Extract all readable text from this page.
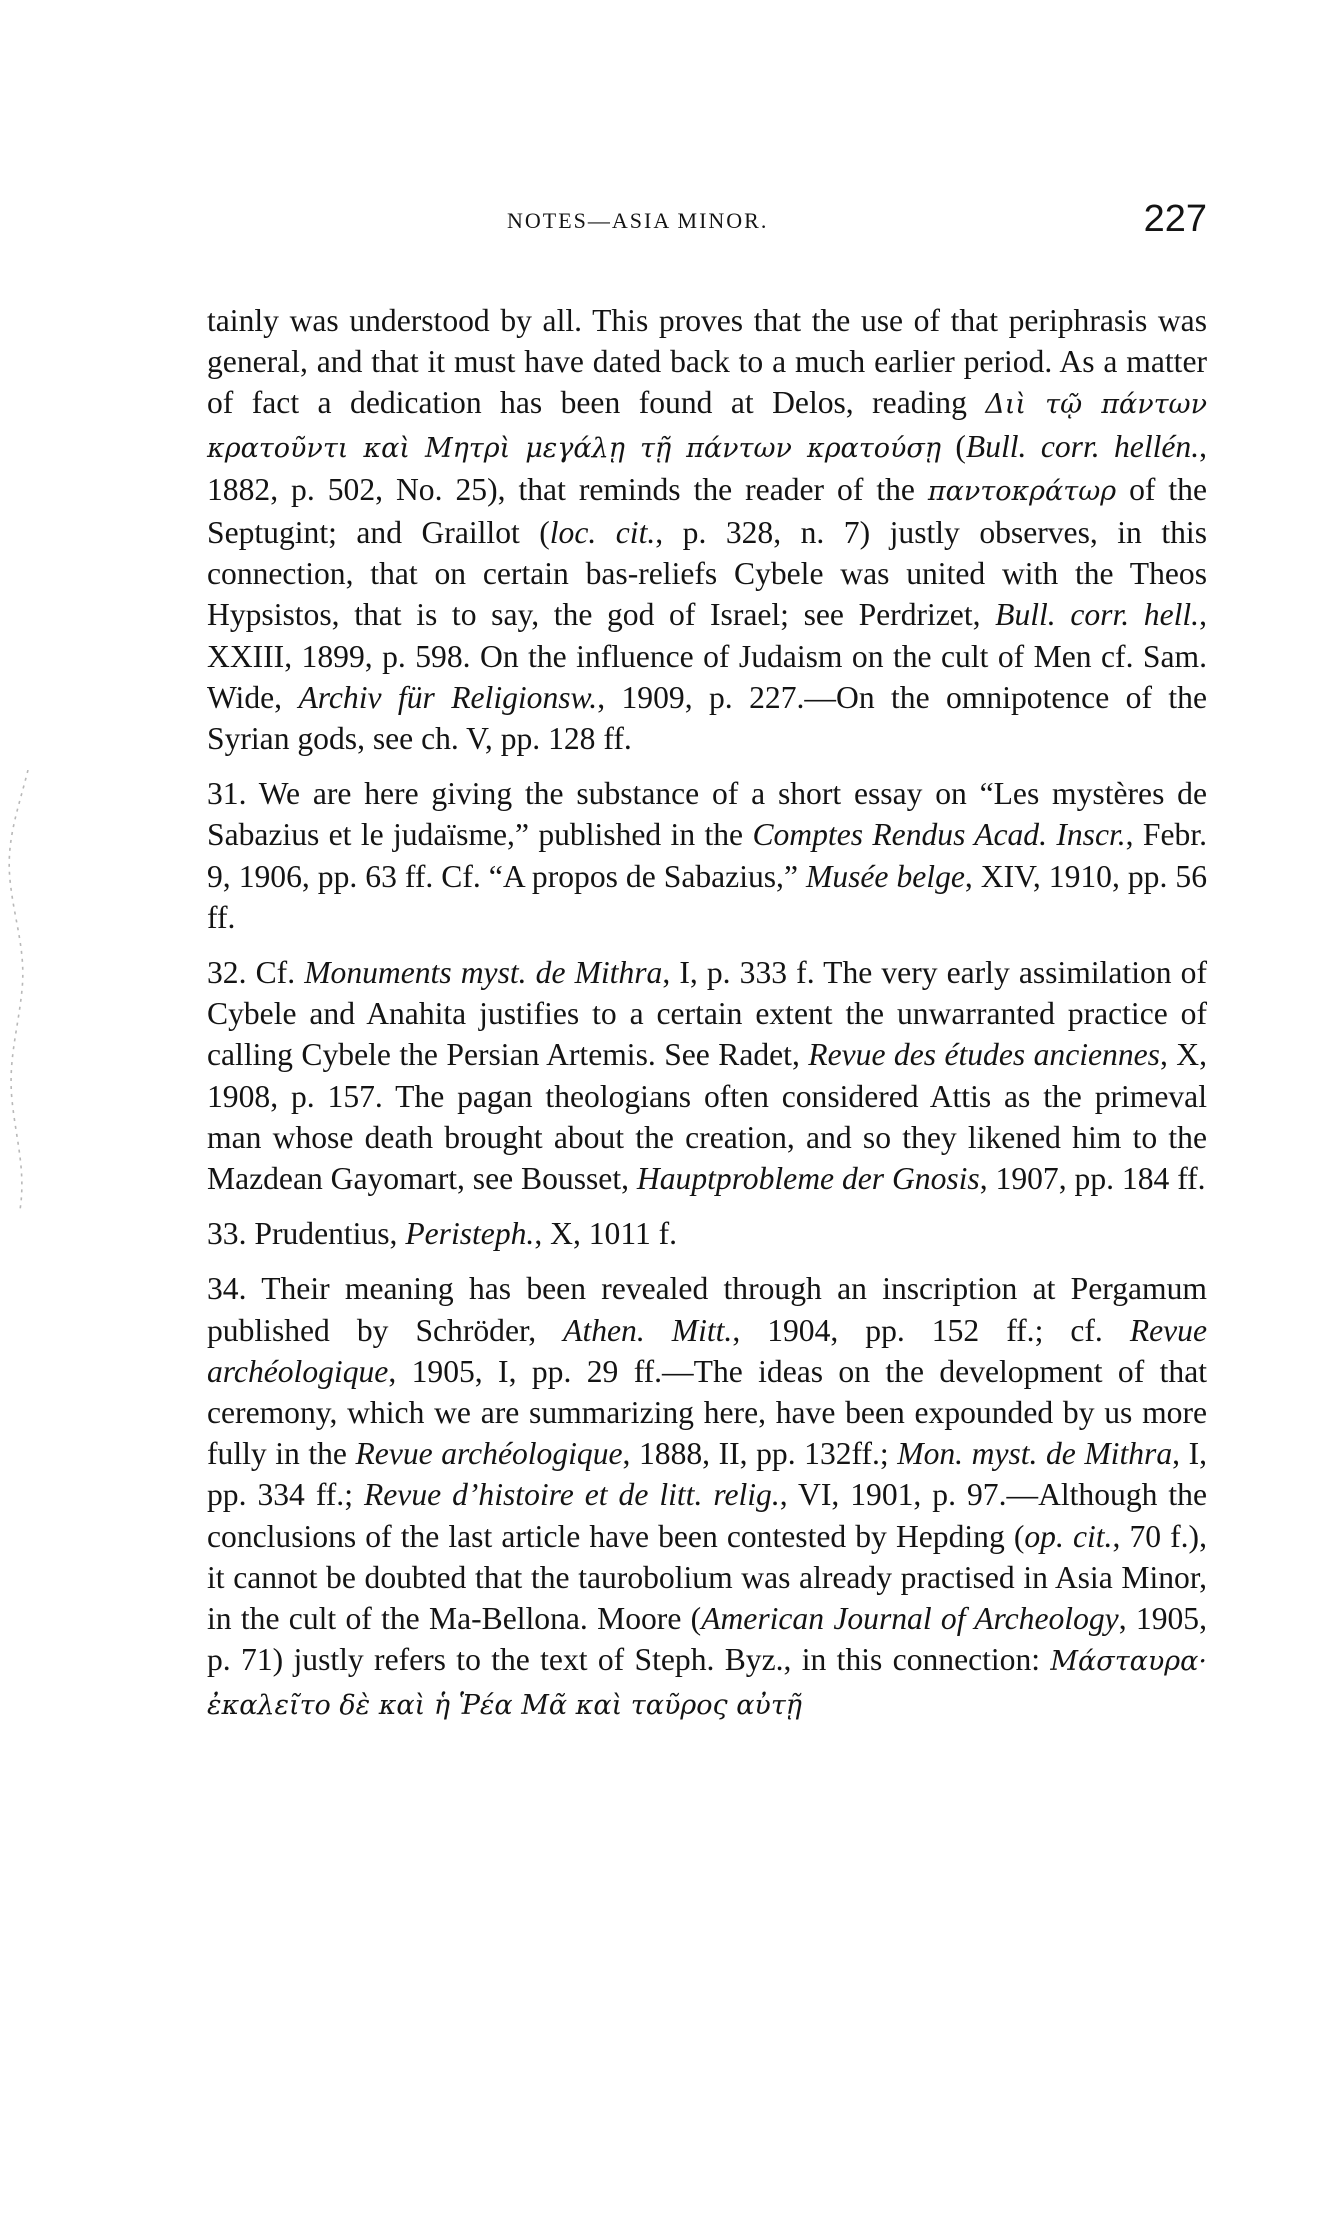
NOTES—ASIA MINOR.	227

tainly was understood by all. This proves that the use of that periphrasis was general, and that it must have dated back to a much earlier period. As a matter of fact a dedication has been found at Delos, reading Διὶ τῷ πάντων κρατοῦντι καὶ Μητρὶ μεγάλῃ τῇ πάντων κρατούσῃ (Bull. corr. hellén., 1882, p. 502, No. 25), that reminds the reader of the παντοκράτωρ of the Septugint; and Graillot (loc. cit., p. 328, n. 7) justly observes, in this connection, that on certain bas-reliefs Cybele was united with the Theos Hypsistos, that is to say, the god of Israel; see Perdrizet, Bull. corr. hell., XXIII, 1899, p. 598. On the influence of Judaism on the cult of Men cf. Sam. Wide, Archiv für Religionsw., 1909, p. 227.—On the omnipotence of the Syrian gods, see ch. V, pp. 128 ff.

31. We are here giving the substance of a short essay on “Les mystères de Sabazius et le judaïsme,” published in the Comptes Rendus Acad. Inscr., Febr. 9, 1906, pp. 63 ff. Cf. “A propos de Sabazius,” Musée belge, XIV, 1910, pp. 56 ff.

32. Cf. Monuments myst. de Mithra, I, p. 333 f. The very early assimilation of Cybele and Anahita justifies to a certain extent the unwarranted practice of calling Cybele the Persian Artemis. See Radet, Revue des études anciennes, X, 1908, p. 157. The pagan theologians often considered Attis as the primeval man whose death brought about the creation, and so they likened him to the Mazdean Gayomart, see Bousset, Hauptprobleme der Gnosis, 1907, pp. 184 ff.

33. Prudentius, Peristeph., X, 1011 f.

34. Their meaning has been revealed through an inscription at Pergamum published by Schröder, Athen. Mitt., 1904, pp. 152 ff.; cf. Revue archéologique, 1905, I, pp. 29 ff.—The ideas on the development of that ceremony, which we are summarizing here, have been expounded by us more fully in the Revue archéologique, 1888, II, pp. 132ff.; Mon. myst. de Mithra, I, pp. 334 ff.; Revue d’histoire et de litt. relig., VI, 1901, p. 97.—Although the conclusions of the last article have been contested by Hepding (op. cit., 70 f.), it cannot be doubted that the taurobolium was already practised in Asia Minor, in the cult of the Ma-Bellona. Moore (American Journal of Archeology, 1905, p. 71) justly refers to the text of Steph. Byz., in this connection: Μάσταυρα· ἐκαλεῖτο δὲ καὶ ἡ Ῥέα Μᾶ καὶ ταῦρος αὐτῇ
